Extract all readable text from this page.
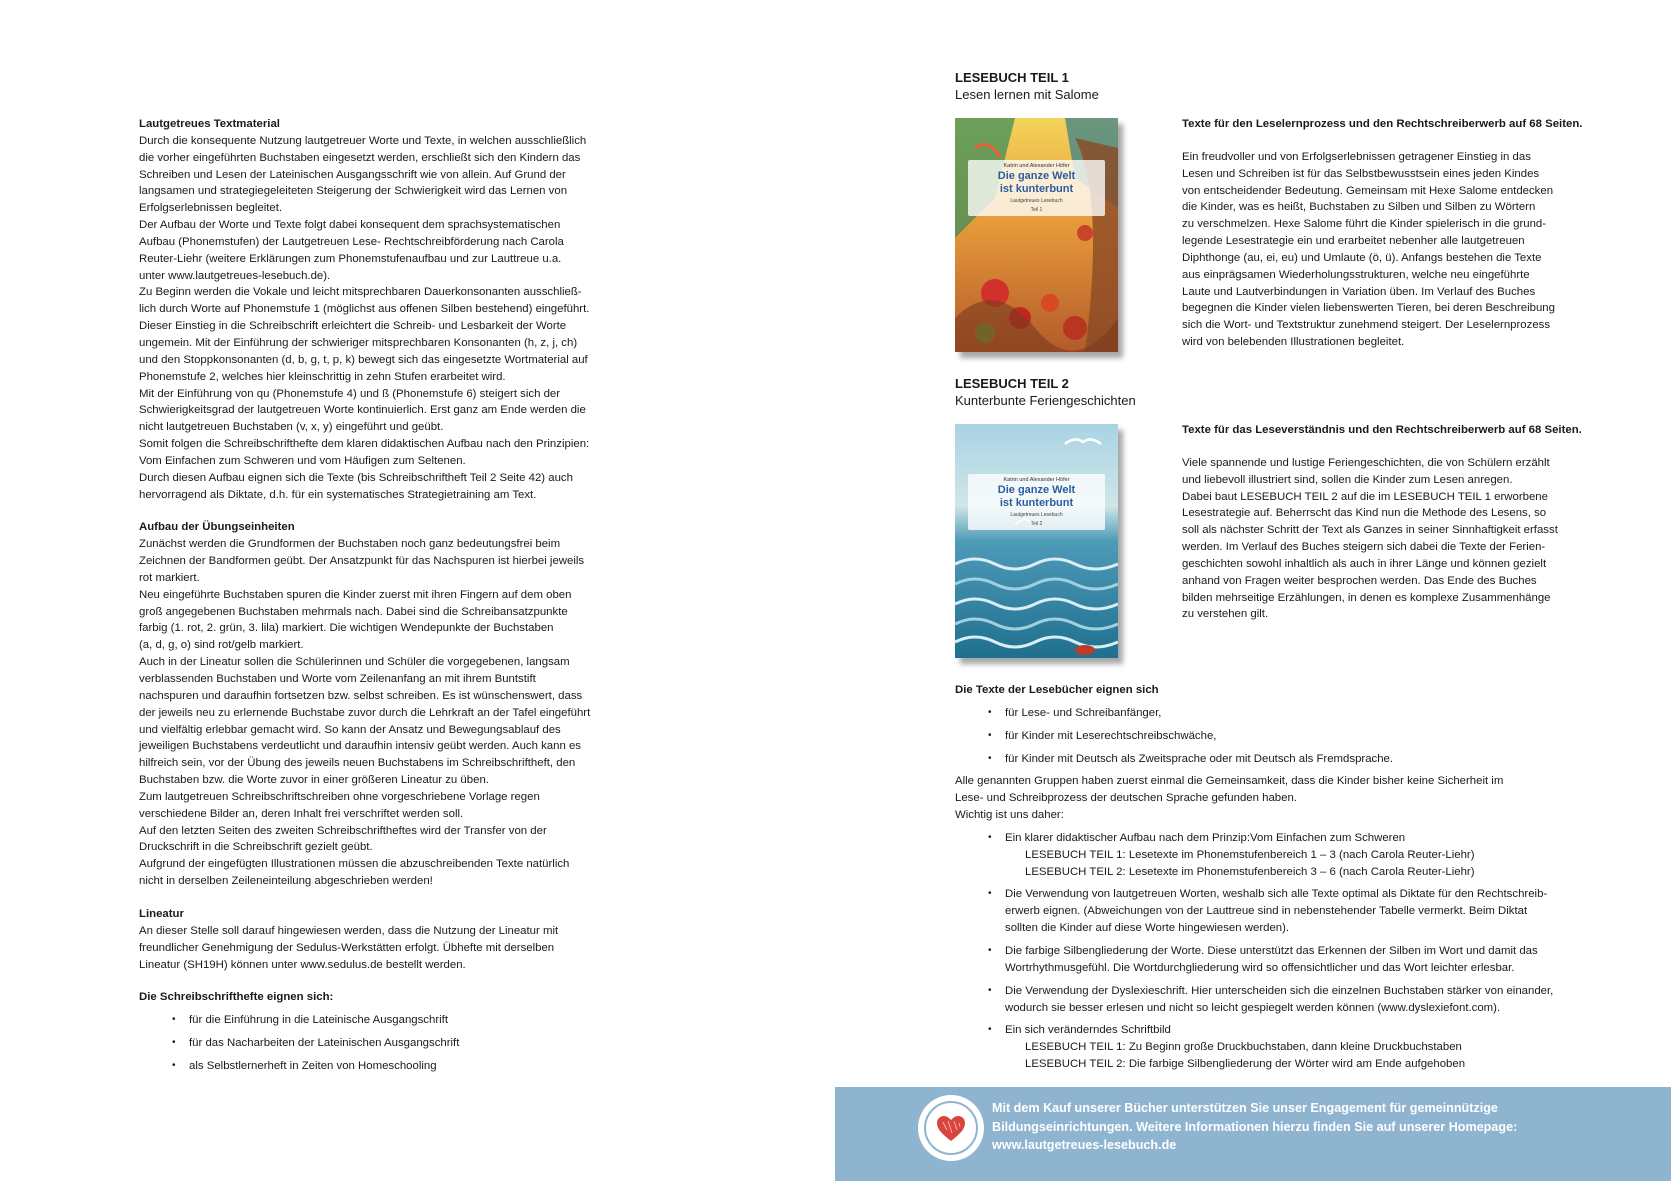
Lautgetreues Textmaterial
Durch die konsequente Nutzung lautgetreuer Worte und Texte, in welchen ausschließlich
die vorher eingeführten Buchstaben eingesetzt werden, erschließt sich den Kindern das
Schreiben und Lesen der Lateinischen Ausgangsschrift wie von allein. Auf Grund der
langsamen und strategiegeleiteten Steigerung der Schwierigkeit wird das Lernen von
Erfolgserlebnissen begleitet.
Der Aufbau der Worte und Texte folgt dabei konsequent dem sprachsystematischen
Aufbau (Phonemstufen) der Lautgetreuen Lese- Rechtschreibförderung nach Carola
Reuter-Liehr (weitere Erklärungen zum Phonemstufenaufbau und zur Lauttreue u.a.
unter www.lautgetreues-lesebuch.de).
Zu Beginn werden die Vokale und leicht mitsprechbaren Dauerkonsonanten ausschließ-
lich durch Worte auf Phonemstufe 1 (möglichst aus offenen Silben bestehend) eingeführt.
Dieser Einstieg in die Schreibschrift erleichtert die Schreib- und Lesbarkeit der Worte
ungemein. Mit der Einführung der schwieriger mitsprechbaren Konsonanten (h, z, j, ch)
und den Stoppkonsonanten (d, b, g, t, p, k) bewegt sich das eingesetzte Wortmaterial auf
Phonemstufe 2, welches hier kleinschrittig in zehn Stufen erarbeitet wird.
Mit der Einführung von qu (Phonemstufe 4) und ß (Phonemstufe 6) steigert sich der
Schwierigkeitsgrad der lautgetreuen Worte kontinuierlich. Erst ganz am Ende werden die
nicht lautgetreuen Buchstaben (v, x, y) eingeführt und geübt.
Somit folgen die Schreibschrifthefte dem klaren didaktischen Aufbau nach den Prinzipien:
Vom Einfachen zum Schweren und vom Häufigen zum Seltenen.
Durch diesen Aufbau eignen sich die Texte (bis Schreibschriftheft Teil 2 Seite 42) auch
hervorragend als Diktate, d.h. für ein systematisches Strategietraining am Text.
Aufbau der Übungseinheiten
Zunächst werden die Grundformen der Buchstaben noch ganz bedeutungsfrei beim
Zeichnen der Bandformen geübt. Der Ansatzpunkt für das Nachspuren ist hierbei jeweils
rot markiert.
Neu eingeführte Buchstaben spuren die Kinder zuerst mit ihren Fingern auf dem oben
groß angegebenen Buchstaben mehrmals nach. Dabei sind die Schreibansatzpunkte
farbig (1. rot, 2. grün, 3. lila) markiert. Die wichtigen Wendepunkte der Buchstaben
(a, d, g, o) sind rot/gelb markiert.
Auch in der Lineatur sollen die Schülerinnen und Schüler die vorgegebenen, langsam
verblassenden Buchstaben und Worte vom Zeilenanfang an mit ihrem Buntstift
nachspuren und daraufhin fortsetzen bzw. selbst schreiben. Es ist wünschenswert, dass
der jeweils neu zu erlernende Buchstabe zuvor durch die Lehrkraft an der Tafel eingeführt
und vielfältig erlebbar gemacht wird. So kann der Ansatz und Bewegungsablauf des
jeweiligen Buchstabens verdeutlicht und daraufhin intensiv geübt werden. Auch kann es
hilfreich sein, vor der Übung des jeweils neuen Buchstabens im Schreibschriftheft, den
Buchstaben bzw. die Worte zuvor in einer größeren Lineatur zu üben.
Zum lautgetreuen Schreibschriftschreiben ohne vorgeschriebene Vorlage regen
verschiedene Bilder an, deren Inhalt frei verschriftet werden soll.
Auf den letzten Seiten des zweiten Schreibschriftheftes wird der Transfer von der
Druckschrift in die Schreibschrift gezielt geübt.
Aufgrund der eingefügten Illustrationen müssen die abzuschreibenden Texte natürlich
nicht in derselben Zeileneinteilung abgeschrieben werden!
Lineatur
An dieser Stelle soll darauf hingewiesen werden, dass die Nutzung der Lineatur mit
freundlicher Genehmigung der Sedulus-Werkstätten erfolgt. Übhefte mit derselben
Lineatur (SH19H) können unter www.sedulus.de bestellt werden.
Die Schreibschrifthefte eignen sich:
• für die Einführung in die Lateinische Ausgangschrift
• für das Nacharbeiten der Lateinischen Ausgangschrift
• als Selbstlernerheft in Zeiten von Homeschooling
LESEBUCH TEIL 1
Lesen lernen mit Salome
Katrin und Alexander Höfer
Die ganze Welt
ist kunterbunt
Lautgetreues Lesebuch
Teil 1
Texte für den Leselernprozess und den Rechtschreiberwerb auf 68 Seiten.
Ein freudvoller und von Erfolgserlebnissen getragener Einstieg in das
Lesen und Schreiben ist für das Selbstbewusstsein eines jeden Kindes
von entscheidender Bedeutung. Gemeinsam mit Hexe Salome entdecken
die Kinder, was es heißt, Buchstaben zu Silben und Silben zu Wörtern
zu verschmelzen. Hexe Salome führt die Kinder spielerisch in die grund-
legende Lesestrategie ein und erarbeitet nebenher alle lautgetreuen
Diphthonge (au, ei, eu) und Umlaute (ö, ü). Anfangs bestehen die Texte
aus einprägsamen Wiederholungsstrukturen, welche neu eingeführte
Laute und Lautverbindungen in Variation üben. Im Verlauf des Buches
begegnen die Kinder vielen liebenswerten Tieren, bei deren Beschreibung
sich die Wort- und Textstruktur zunehmend steigert. Der Leselernprozess
wird von belebenden Illustrationen begleitet.
LESEBUCH TEIL 2
Kunterbunte Feriengeschichten
Katrin und Alexander Höfer
Die ganze Welt
ist kunterbunt
Lautgetreues Lesebuch
Teil 2
Texte für das Leseverständnis und den Rechtschreiberwerb auf 68 Seiten.
Viele spannende und lustige Feriengeschichten, die von Schülern erzählt
und liebevoll illustriert sind, sollen die Kinder zum Lesen anregen.
Dabei baut LESEBUCH TEIL 2 auf die im LESEBUCH TEIL 1 erworbene
Lesestrategie auf. Beherrscht das Kind nun die Methode des Lesens, so
soll als nächster Schritt der Text als Ganzes in seiner Sinnhaftigkeit erfasst
werden. Im Verlauf des Buches steigern sich dabei die Texte der Ferien-
geschichten sowohl inhaltlich als auch in ihrer Länge und können gezielt
anhand von Fragen weiter besprochen werden. Das Ende des Buches
bilden mehrseitige Erzählungen, in denen es komplexe Zusammenhänge
zu verstehen gilt.
Die Texte der Lesebücher eignen sich
• für Lese- und Schreibanfänger,
• für Kinder mit Leserechtschreibschwäche,
• für Kinder mit Deutsch als Zweitsprache oder mit Deutsch als Fremdsprache.
Alle genannten Gruppen haben zuerst einmal die Gemeinsamkeit, dass die Kinder bisher keine Sicherheit im
Lese- und Schreibprozess der deutschen Sprache gefunden haben.
Wichtig ist uns daher:
• Ein klarer didaktischer Aufbau nach dem Prinzip:Vom Einfachen zum Schweren
LESEBUCH TEIL 1: Lesetexte im Phonemstufenbereich 1 – 3 (nach Carola Reuter-Liehr)
LESEBUCH TEIL 2: Lesetexte im Phonemstufenbereich 3 – 6 (nach Carola Reuter-Liehr)
• Die Verwendung von lautgetreuen Worten, weshalb sich alle Texte optimal als Diktate für den Rechtschreib-
erwerb eignen. (Abweichungen von der Lauttreue sind in nebenstehender Tabelle vermerkt. Beim Diktat
sollten die Kinder auf diese Worte hingewiesen werden).
• Die farbige Silbengliederung der Worte. Diese unterstützt das Erkennen der Silben im Wort und damit das
Wortrhythmusgefühl. Die Wortdurchgliederung wird so offensichtlicher und das Wort leichter erlesbar.
• Die Verwendung der Dyslexieschrift. Hier unterscheiden sich die einzelnen Buchstaben stärker von einander,
wodurch sie besser erlesen und nicht so leicht gespiegelt werden können (www.dyslexiefont.com).
• Ein sich veränderndes Schriftbild
LESEBUCH TEIL 1: Zu Beginn große Druckbuchstaben, dann kleine Druckbuchstaben
LESEBUCH TEIL 2: Die farbige Silbengliederung der Wörter wird am Ende aufgehoben
Mit dem Kauf unserer Bücher unterstützen Sie unser Engagement für gemeinnützige
Bildungseinrichtungen. Weitere Informationen hierzu finden Sie auf unserer Homepage:
www.lautgetreues-lesebuch.de
